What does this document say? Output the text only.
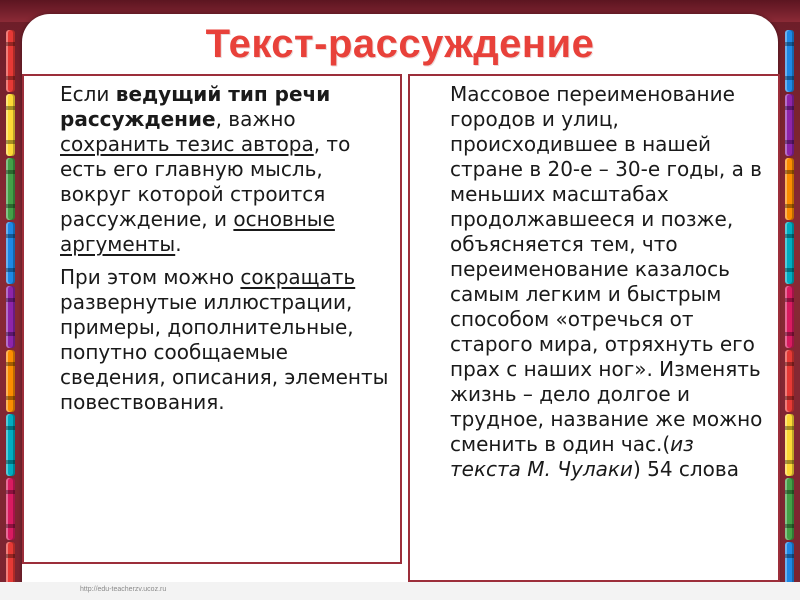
Текст-рассуждение

Если ведущий тип речи рассуждение, важно сохранить тезис автора, то есть его главную мысль, вокруг которой строится рассуждение, и основные аргументы.

При этом можно сокращать развернутые иллюстрации, примеры, дополнительные, попутно сообщаемые сведения, описания, элементы повествования.

Массовое переименование городов и улиц, происходившее в нашей стране в 20-е – 30-е годы, а в меньших масштабах продолжавшееся и позже, объясняется тем, что переименование казалось самым легким и быстрым способом «отречься от старого мира, отряхнуть его прах с наших ног». Изменять жизнь – дело долгое и трудное, название же можно сменить в один час.(из текста М. Чулаки) 54 слова

http://edu-teacherzv.ucoz.ru
